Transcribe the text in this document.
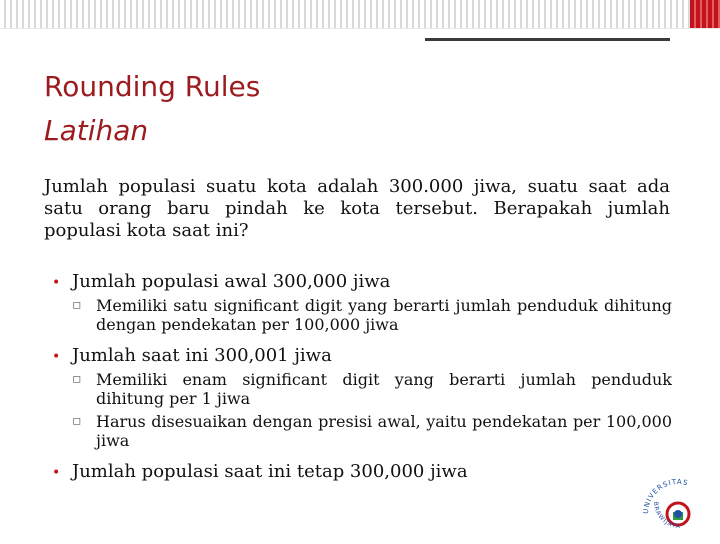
Rounding Rules
Latihan
Jumlah populasi suatu kota adalah 300.000 jiwa, suatu saat ada satu orang baru pindah ke kota tersebut. Berapakah jumlah populasi kota saat ini?
• Jumlah populasi awal 300,000 jiwa
▫ Memiliki satu significant digit yang berarti jumlah penduduk dihitung dengan pendekatan per 100,000 jiwa
• Jumlah saat ini 300,001 jiwa
▫ Memiliki enam significant digit yang berarti jumlah penduduk dihitung per 1 jiwa
▫ Harus disesuaikan dengan presisi awal, yaitu pendekatan per 100,000 jiwa
• Jumlah populasi saat ini tetap 300,000 jiwa
UNIVERSITAS
BRAWIJAYA
